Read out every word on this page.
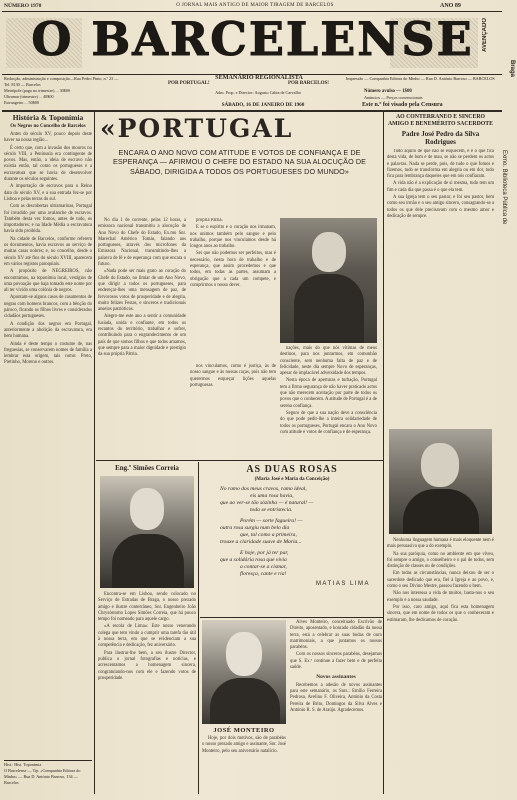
NÚMERO 1970	O JORNAL MAIS ANTIGO DE MAIOR TIRAGEM DE BARCELOS	ANO 89
O BARCELENSE	AVENÇADO
Redacção, administração e composição—Rua Pedro Pinto, n.º 23 — Tel. 8130 — Barcelos
SEMANÁRIO REGIONALISTA
POR PORTUGAL!	POR BARCELOS!
Impressão — Companhia Editora do Minho — Rua D. António Barroso — BARCELOS
Metrópole (paga no trimestre) ... 30$00
Ultramar (trimestre) ... 40$00
Estrangeiro ... 50$00
Adm. Prop. e Director: Augusto Cabia de Carvalho
SÁBADO, 16 DE JANEIRO DE 1960
Número avulso — 1$00
Anúncios — Preços convencionais
Este n.º foi visado pela Censura
História & Toponímia
Os Negros no Concelho de Barcelos

Antes do século XV, pouco depois deste haver na nossa região...

É certo que, com a invasão dos mouros no século VIII, a Península era contingente de povos. Mas, então, a ideia de escravo não existia então, tal como os portugueses e a escravatura que se havia de desenvolver durante os séculos seguintes.

A importação de escravos para o Reino data do século XV, e a sua entrada fez-se por Lisboa e pelas terras do sul.

Com as descobertas ultramarinas, Portugal foi invadido por uma avalanche de escravos. Também desta vez fomos, antes de tudo, os importadores; e na Idade Média a escravatura havia sido proibida.

Na cidade de Barcelos, conforme referem os documentos, havia escravos ao serviço de muitas casas nobres; e, no concelho, desde o século XV até fins do século XVIII, aparecem em vários registos paroquiais.

A propósito de NEGREIROS, não encontrámos, na toponímia local, vestígios de uma povoação que haja tomado este nome por ali ter vivido uma colónia de negros.

Apontam-se alguns casos de casamentos de negras com homens brancos, com a bênção do pároco, ficando os filhos livres e considerados cidadãos portugueses.

A condição dos negros em Portugal, anteriormente a abolição da escravatura, era bem humana.

Ainda é deste tempo o costume de, nas freguesias, se conservarem nomes de família a lembrar esta origem, tais como: Preto, Pretinho, Moreno e outros.

Hist.: Hist. Toponímia
O Barcelense — Tip. «Companhia Editora do Minho» — Rua D. António Barroso, 134 — Barcelos
«PORTUGAL
ENCARA O ANO NOVO COM ATITUDE E VOTOS DE CONFIANÇA E DE ESPERANÇA — AFIRMOU O CHEFE DO ESTADO NA SUA ALOCUÇÃO DE SÁBADO, DIRIGIDA A TODOS OS PORTUGUESES DO MUNDO»

No dia 1 de corrente, pelas 12 horas, a emissora nacional transmitiu a alocução de Ano Novo do Chefe do Estado, Ex.mo Snr. Marechal Américo Tomás, falando aos portugueses, através dos microfones da Emissora Nacional, transmitindo-lhes a palavra de fé e de esperança com que encara o futuro.

«Nada pode ser mais grato ao coração do Chefe do Estado, no limiar de um Ano Novo, que dirigir a todos os portugueses, para endereçar-lhes uma mensagem de paz, de fervorosos votos de prosperidade e de alegria, muito felizes Festas, e sinceros e tradicionais anseios patrióticos.

Alegro-me este ano a sentir a comunidade lusíada, unida e confiante, em todos os recantos do território, trabalhar e sofrer, contribuindo para o engrandecimento de um país de que somos filhos e que todos amamos, que sempre para a maior dignidade e prestígio da sua própria Pátria.

própria Pátria.

E se o espírito e o coração nos irmanam, nos unimos também pelo sangue e pelo trabalho, porque nos vinculamos desde há longos anos ao trabalho.

Sei que não podemos ser perfeitos, mas é necessário, nesta hora de trabalho e de esperança, que assim procedemos e que todos, em todas as partes, assumam a obrigação que a cada um compete, e cumprirmos o nosso dever.

nos vinculamos, como é justiça, às de nosso sangue e às nossas raças, pois não tem querermos esqueçar lições aquelas portuguesas.

nações, mais do que nós vítimas de meus destinos, para nos juntarmos, em comunhão consciente, sem nenhuma falta de paz e de felicidade, neste dia sempre Novo de esperanças, apesar de implacável adversidade dos tempos.

Nesta época de aperturas e turbação, Portugal tem a firma segurança de não haver praticado actos que não merecem aceitação por parte de todos os povos que o conhecem. A atitude de Portugal é a de serena confiança.

Seguro de que a sua nação deve a consciência do que pode pedir-lhe a inteira solidariedade de todos os portugueses, Portugal encara o Ano Novo com atitude e votos de confiança e de esperança.

AO CONTERRANEO E SINCERO AMIGO E BENEMÉRITO SACERDOTE
Padre José Pedro da Silva Rodrigues

Tudo aquilo de que não se esquecem, e é o que fica desta vida, de bom e de mau, se não se perdem os actos e palavras. Nada se perde, pois, de tudo o que fomos e fizemos, tudo se transforma em alegria ou em dor, tudo fica para lembrança daqueles que em nós confiaram.

A vida não é a explicação de si mesma, tudo tem um fim e cada dia que passa é o que ela tem.

A sua Igreja tem o seu pastor, e foi seu pastor, bem como seu irmão e o seu amigo sincero, consagrando-se a todos os que dele precisavam com o mesmo amor e dedicação de sempre.

Nenhuma linguagem humana é mais eloquente nem é mais persuasiva que a do exemplo.

Na sua paróquia, como no ambiente em que viveu, foi sempre o amigo, o conselheiro e o pai de todos, sem distinção de classes ou de condições.

Em todas as circunstâncias, nunca deixou de ser o sacerdote dedicado que era, fiel à Igreja e ao povo, e, como o seu Divino Mestre, passou fazendo o bem.

Não nos interessa a vida de muitos, basta-nos o seu exemplo e a nossa saudade.

Por isso, caro amigo, aqui fica esta homenagem sincera, que em nome de todos os que o conheceram e estimaram, lhe dedicamos de coração.

Eng.º Simões Correia

Encontra-se em Lisboa, sendo colocado no Serviço de Estradas de Braga, o nosso prezado amigo e ilustre conterrâneo, Snr. Engenheiro João Chrysóstomo Lopes Simões Correia, que há pouco tempo foi nomeado para aquele cargo.

«A escola de Lima»: Este nosso venerando colega que tem vindo a cumprir uma tarefa tão útil à nossa terra, em que se evidenciam a sua competência e dedicação, fez aniversário.

Para ilustrar-lhe bem, a seu ilustre Director, publica o jornal fotografias e notícias, e acrescentamos a homenagem sincera, congratulando-nos com ele e fazendo votos de prosperidade.

AS DUAS ROSAS
(Maria José e Maria da Conceição)
No ramo dos meus cravos, ramo ideal,
eis uma rosa havia,
que ao ver-se tão sòzinha — é natural! —
toda se entristecia.
Porém — sorte fagueira! —
outra rosa surgiu num belo dia
que, tal como a primeira,
trouxe a claridade suave de Maria...
E hoje, por já ter par,
que a solidária rosa que vivia
a contar-se a cismar,
floresça, cante e ria!
MATIAS LIMA
JOSÉ MONTEIRO

Hoje, por dois motivos, são de parabéns o nosso prezado amigo e assinante, Snr. José Monteiro, pelo seu aniversário natalício.

Alves Monteiro, conceituado Escrivão de Direito, aposentado, e honrado cidadão da nossa terra, está a celebrar as suas bodas de ouro matrimoniais, a que juntamos os nossos parabéns.

Com os nossos sinceros parabéns, desejamos que S. Ex.ª continue a fazer bem e de perfeita saúde.

Novos assinantes

Recebemos a adesão de novos assinantes para este semanário, os Snrs.: Emílio Ferreira Pedrosa, Avelino F. Oliveira, António da Costa Pereira de Brito, Domingos da Silva Alves e António R. S. de Araújo. Agradecemos.

Exmo. Biblioteca Pública de
Braga
